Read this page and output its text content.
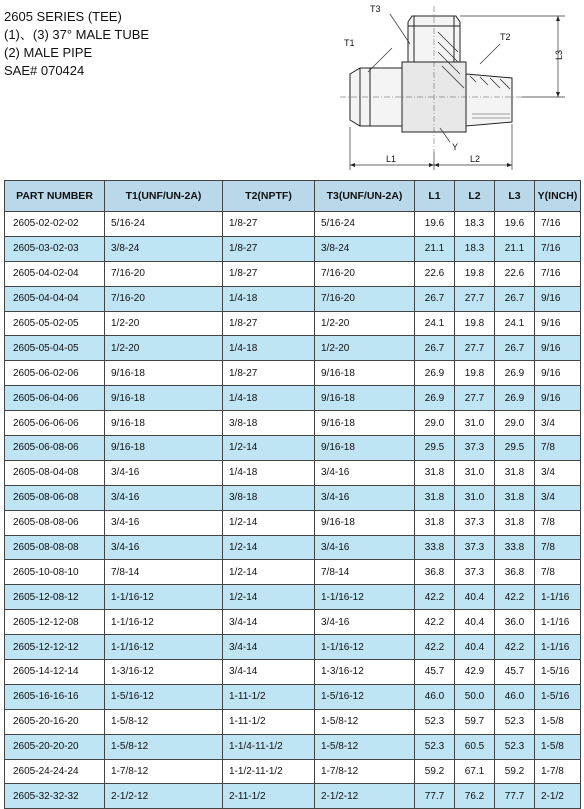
2605 SERIES (TEE)
(1)、(3) 37° MALE TUBE
(2) MALE PIPE
SAE# 070424
T1
T3
T2
L1	L2
L3
Y
PART NUMBER	T1(UNF/UN-2A)	T2(NPTF)	T3(UNF/UN-2A)	L1	L2	L3	Y(INCH)
2605-02-02-02	5/16-24	1/8-27	5/16-24	19.6	18.3	19.6	7/16
2605-03-02-03	3/8-24	1/8-27	3/8-24	21.1	18.3	21.1	7/16
2605-04-02-04	7/16-20	1/8-27	7/16-20	22.6	19.8	22.6	7/16
2605-04-04-04	7/16-20	1/4-18	7/16-20	26.7	27.7	26.7	9/16
2605-05-02-05	1/2-20	1/8-27	1/2-20	24.1	19.8	24.1	9/16
2605-05-04-05	1/2-20	1/4-18	1/2-20	26.7	27.7	26.7	9/16
2605-06-02-06	9/16-18	1/8-27	9/16-18	26.9	19.8	26.9	9/16
2605-06-04-06	9/16-18	1/4-18	9/16-18	26.9	27.7	26.9	9/16
2605-06-06-06	9/16-18	3/8-18	9/16-18	29.0	31.0	29.0	3/4
2605-06-08-06	9/16-18	1/2-14	9/16-18	29.5	37.3	29.5	7/8
2605-08-04-08	3/4-16	1/4-18	3/4-16	31.8	31.0	31.8	3/4
2605-08-06-08	3/4-16	3/8-18	3/4-16	31.8	31.0	31.8	3/4
2605-08-08-06	3/4-16	1/2-14	9/16-18	31.8	37.3	31.8	7/8
2605-08-08-08	3/4-16	1/2-14	3/4-16	33.8	37.3	33.8	7/8
2605-10-08-10	7/8-14	1/2-14	7/8-14	36.8	37.3	36.8	7/8
2605-12-08-12	1-1/16-12	1/2-14	1-1/16-12	42.2	40.4	42.2	1-1/16
2605-12-12-08	1-1/16-12	3/4-14	3/4-16	42.2	40.4	36.0	1-1/16
2605-12-12-12	1-1/16-12	3/4-14	1-1/16-12	42.2	40.4	42.2	1-1/16
2605-14-12-14	1-3/16-12	3/4-14	1-3/16-12	45.7	42.9	45.7	1-5/16
2605-16-16-16	1-5/16-12	1-11-1/2	1-5/16-12	46.0	50.0	46.0	1-5/16
2605-20-16-20	1-5/8-12	1-11-1/2	1-5/8-12	52.3	59.7	52.3	1-5/8
2605-20-20-20	1-5/8-12	1-1/4-11-1/2	1-5/8-12	52.3	60.5	52.3	1-5/8
2605-24-24-24	1-7/8-12	1-1/2-11-1/2	1-7/8-12	59.2	67.1	59.2	1-7/8
2605-32-32-32	2-1/2-12	2-11-1/2	2-1/2-12	77.7	76.2	77.7	2-1/2
